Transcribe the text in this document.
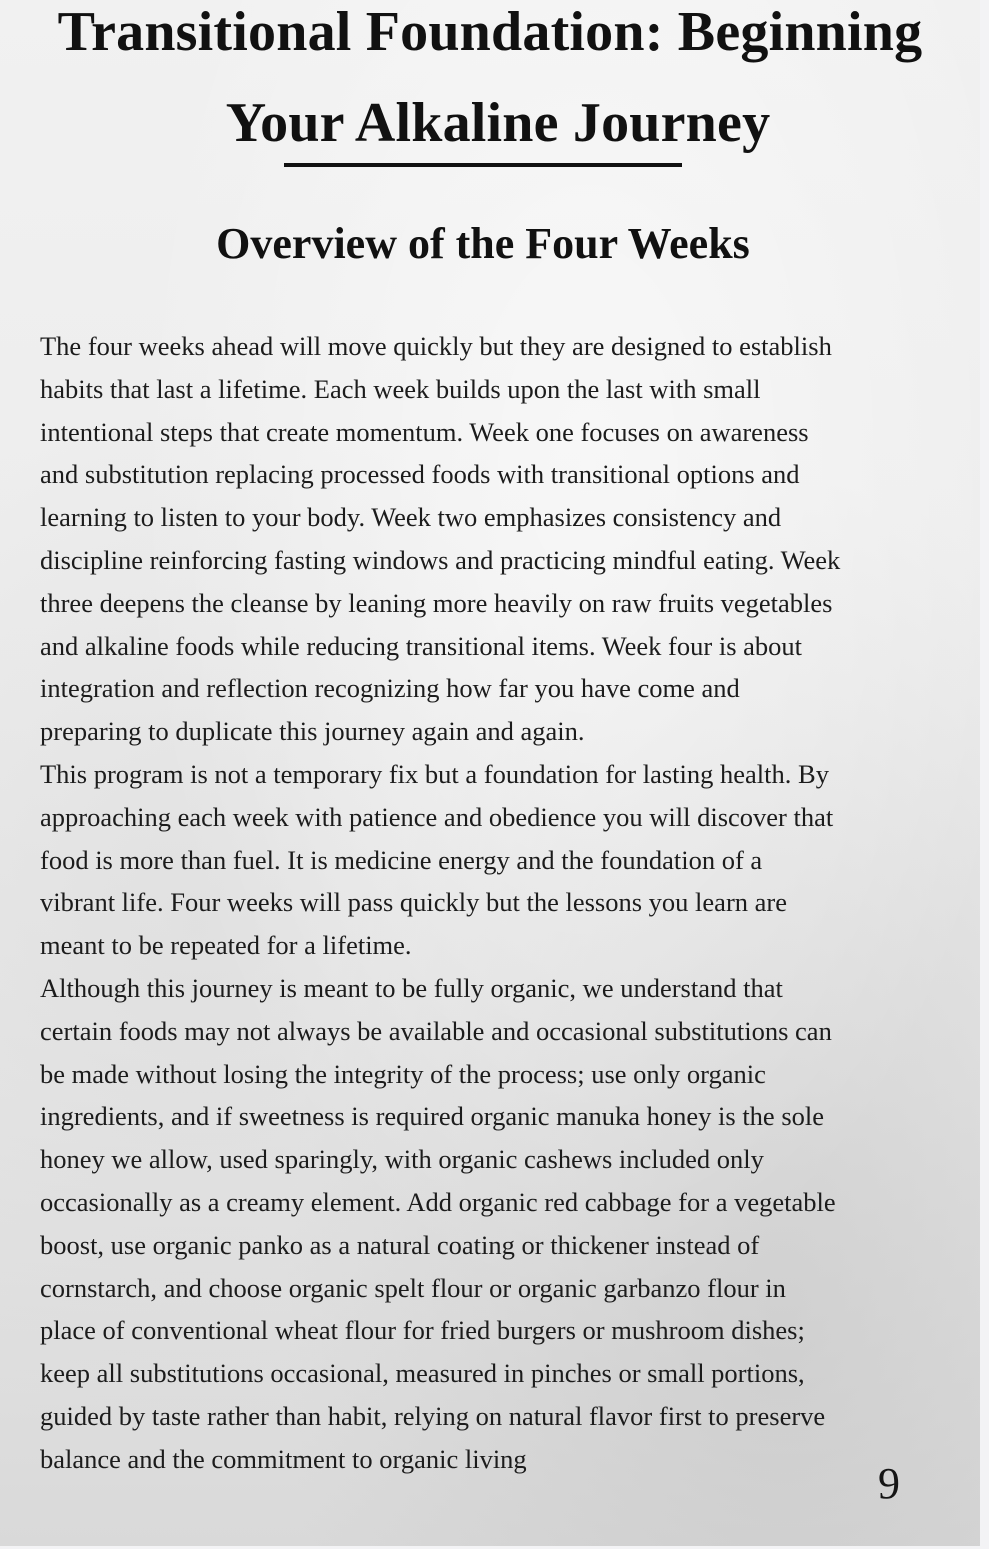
Transitional Foundation: Beginning
Your Alkaline Journey
Overview of the Four Weeks

The four weeks ahead will move quickly but they are designed to establish
habits that last a lifetime. Each week builds upon the last with small
intentional steps that create momentum. Week one focuses on awareness
and substitution replacing processed foods with transitional options and
learning to listen to your body. Week two emphasizes consistency and
discipline reinforcing fasting windows and practicing mindful eating. Week
three deepens the cleanse by leaning more heavily on raw fruits vegetables
and alkaline foods while reducing transitional items. Week four is about
integration and reflection recognizing how far you have come and
preparing to duplicate this journey again and again.

This program is not a temporary fix but a foundation for lasting health. By
approaching each week with patience and obedience you will discover that
food is more than fuel. It is medicine energy and the foundation of a
vibrant life. Four weeks will pass quickly but the lessons you learn are
meant to be repeated for a lifetime.

Although this journey is meant to be fully organic, we understand that
certain foods may not always be available and occasional substitutions can
be made without losing the integrity of the process; use only organic
ingredients, and if sweetness is required organic manuka honey is the sole
honey we allow, used sparingly, with organic cashews included only
occasionally as a creamy element. Add organic red cabbage for a vegetable
boost, use organic panko as a natural coating or thickener instead of
cornstarch, and choose organic spelt flour or organic garbanzo flour in
place of conventional wheat flour for fried burgers or mushroom dishes;
keep all substitutions occasional, measured in pinches or small portions,
guided by taste rather than habit, relying on natural flavor first to preserve
balance and the commitment to organic living

9
